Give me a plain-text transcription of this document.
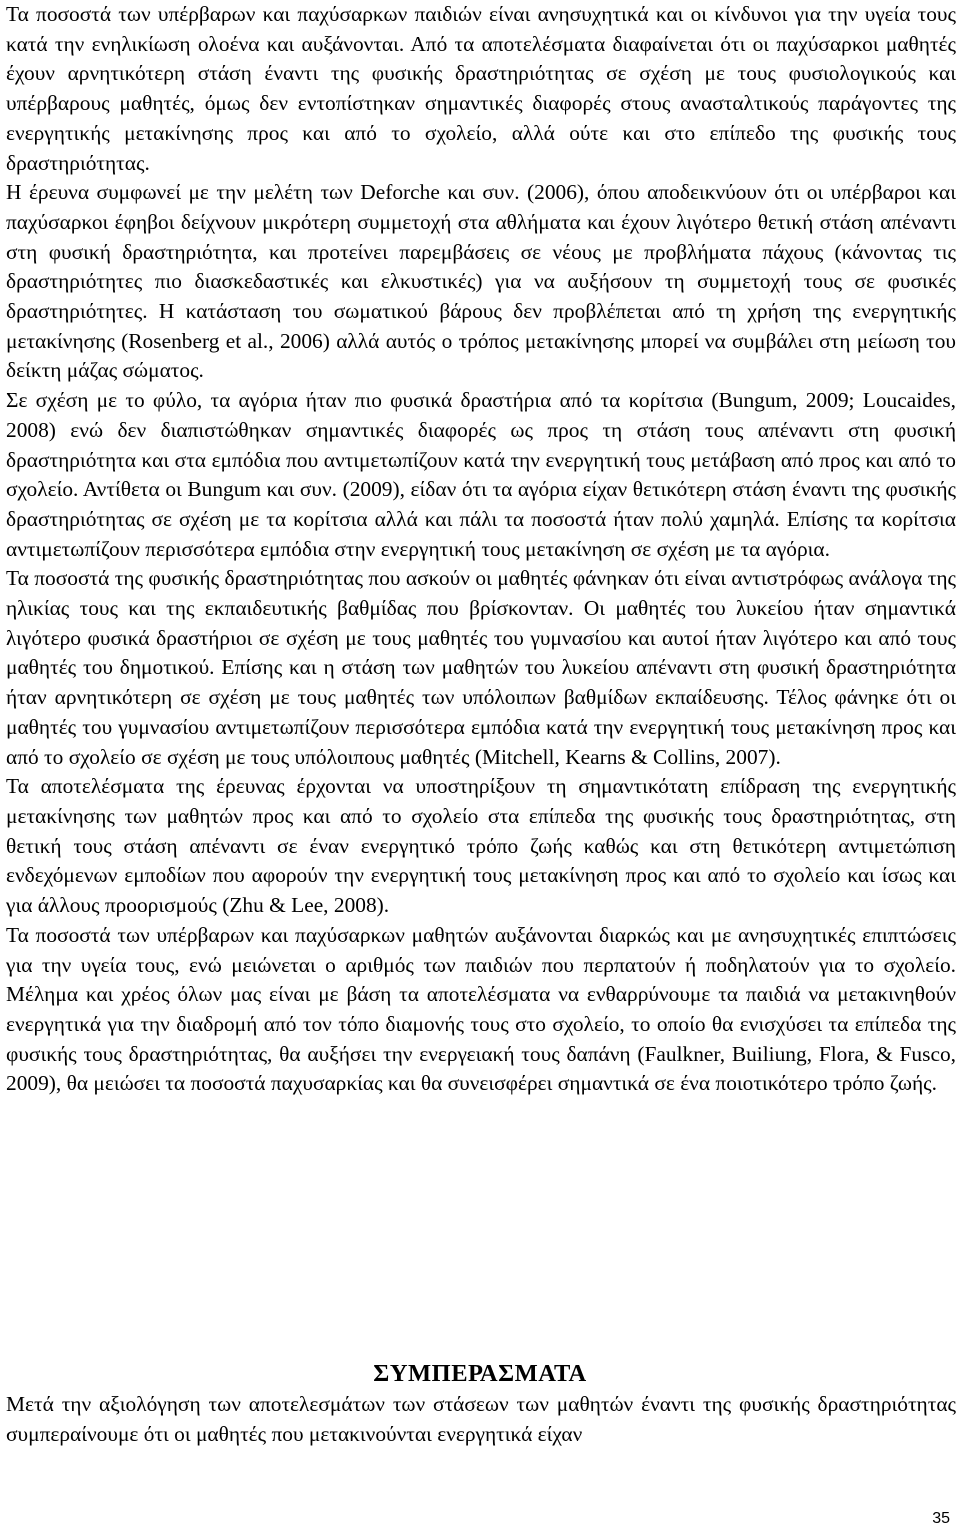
Τα ποσοστά των υπέρβαρων και παχύσαρκων παιδιών είναι ανησυχητικά και οι κίνδυνοι για την υγεία τους κατά την ενηλικίωση ολοένα και αυξάνονται. Από τα αποτελέσματα διαφαίνεται ότι οι παχύσαρκοι μαθητές έχουν αρνητικότερη στάση έναντι της φυσικής δραστηριότητας σε σχέση με τους φυσιολογικούς και υπέρβαρους μαθητές, όμως δεν εντοπίστηκαν σημαντικές διαφορές στους ανασταλτικούς παράγοντες της ενεργητικής μετακίνησης προς και από το σχολείο, αλλά ούτε και στο επίπεδο της φυσικής τους δραστηριότητας.

Η έρευνα συμφωνεί με την μελέτη των Deforche και συν. (2006), όπου αποδεικνύουν ότι οι υπέρβαροι και παχύσαρκοι έφηβοι δείχνουν μικρότερη συμμετοχή στα αθλήματα και έχουν λιγότερο θετική στάση απέναντι στη φυσική δραστηριότητα, και προτείνει παρεμβάσεις σε νέους με προβλήματα πάχους (κάνοντας τις δραστηριότητες πιο διασκεδαστικές και ελκυστικές) για να αυξήσουν τη συμμετοχή τους σε φυσικές δραστηριότητες. Η κατάσταση του σωματικού βάρους δεν προβλέπεται από τη χρήση της ενεργητικής μετακίνησης (Rosenberg et al., 2006) αλλά αυτός ο τρόπος μετακίνησης μπορεί να συμβάλει στη μείωση του δείκτη μάζας σώματος.

Σε σχέση με το φύλο, τα αγόρια ήταν πιο φυσικά δραστήρια από τα κορίτσια (Bungum, 2009; Loucaides, 2008) ενώ δεν διαπιστώθηκαν σημαντικές διαφορές ως προς τη στάση τους απέναντι στη φυσική δραστηριότητα και στα εμπόδια που αντιμετωπίζουν κατά την ενεργητική τους μετάβαση από προς και από το σχολείο. Αντίθετα οι Bungum και συν. (2009), είδαν ότι τα αγόρια είχαν θετικότερη στάση έναντι της φυσικής δραστηριότητας σε σχέση με τα κορίτσια αλλά και πάλι τα ποσοστά ήταν πολύ χαμηλά. Επίσης τα κορίτσια αντιμετωπίζουν περισσότερα εμπόδια στην ενεργητική τους μετακίνηση σε σχέση με τα αγόρια.

Τα ποσοστά της φυσικής δραστηριότητας που ασκούν οι μαθητές φάνηκαν ότι είναι αντιστρόφως ανάλογα της ηλικίας τους και της εκπαιδευτικής βαθμίδας που βρίσκονταν. Οι μαθητές του λυκείου ήταν σημαντικά λιγότερο φυσικά δραστήριοι σε σχέση με τους μαθητές του γυμνασίου και αυτοί ήταν λιγότερο και από τους μαθητές του δημοτικού. Επίσης και η στάση των μαθητών του λυκείου απέναντι στη φυσική δραστηριότητα ήταν αρνητικότερη σε σχέση με τους μαθητές των υπόλοιπων βαθμίδων εκπαίδευσης. Τέλος φάνηκε ότι οι μαθητές του γυμνασίου αντιμετωπίζουν περισσότερα εμπόδια κατά την ενεργητική τους μετακίνηση προς και από το σχολείο σε σχέση με τους υπόλοιπους μαθητές (Mitchell, Kearns & Collins, 2007).

Τα αποτελέσματα της έρευνας έρχονται να υποστηρίξουν τη σημαντικότατη επίδραση της ενεργητικής μετακίνησης των μαθητών προς και από το σχολείο στα επίπεδα της φυσικής τους δραστηριότητας, στη θετική τους στάση απέναντι σε έναν ενεργητικό τρόπο ζωής καθώς και στη θετικότερη αντιμετώπιση ενδεχόμενων εμποδίων που αφορούν την ενεργητική τους μετακίνηση προς και από το σχολείο και ίσως και για άλλους προορισμούς (Zhu & Lee, 2008).

Τα ποσοστά των υπέρβαρων και παχύσαρκων μαθητών αυξάνονται διαρκώς και με ανησυχητικές επιπτώσεις για την υγεία τους, ενώ μειώνεται ο αριθμός των παιδιών που περπατούν ή ποδηλατούν για το σχολείο. Μέλημα και χρέος όλων μας είναι με βάση τα αποτελέσματα να ενθαρρύνουμε τα παιδιά να μετακινηθούν ενεργητικά για την διαδρομή από τον τόπο διαμονής τους στο σχολείο, το οποίο θα ενισχύσει τα επίπεδα της φυσικής τους δραστηριότητας, θα αυξήσει την ενεργειακή τους δαπάνη (Faulkner, Builiung, Flora, & Fusco, 2009), θα μειώσει τα ποσοστά παχυσαρκίας και θα συνεισφέρει σημαντικά σε ένα ποιοτικότερο τρόπο ζωής.

ΣΥΜΠΕΡΑΣΜΑΤΑ

Μετά την αξιολόγηση των αποτελεσμάτων των στάσεων των μαθητών έναντι της φυσικής δραστηριότητας συμπεραίνουμε ότι οι μαθητές που μετακινούνται ενεργητικά είχαν

35
